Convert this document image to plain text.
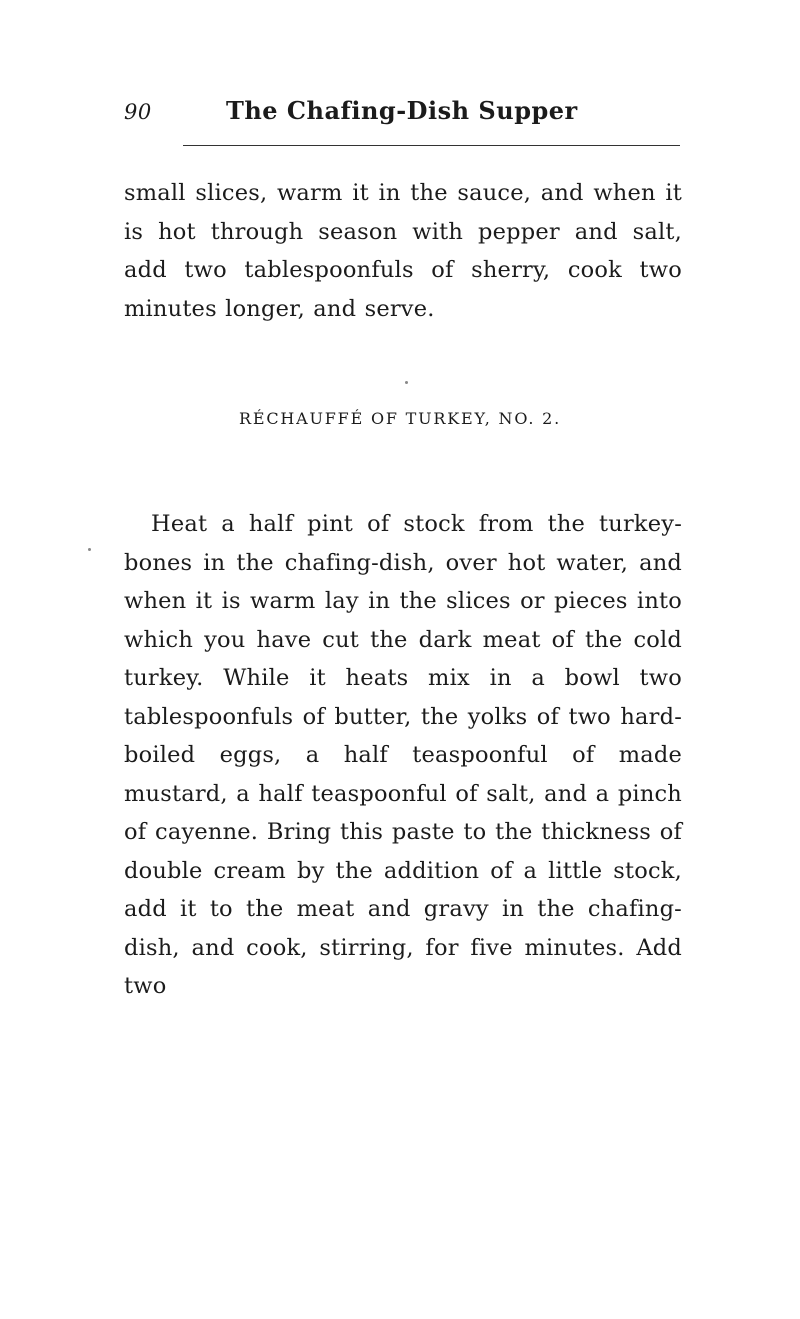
90	The Chafing-Dish Supper

small slices, warm it in the sauce, and when it is hot through season with pepper and salt, add two tablespoonfuls of sherry, cook two minutes longer, and serve.

RÉCHAUFFÉ OF TURKEY, NO. 2.

Heat a half pint of stock from the turkey-bones in the chafing-dish, over hot water, and when it is warm lay in the slices or pieces into which you have cut the dark meat of the cold turkey. While it heats mix in a bowl two tablespoonfuls of butter, the yolks of two hard-boiled eggs, a half teaspoonful of made mustard, a half teaspoonful of salt, and a pinch of cayenne. Bring this paste to the thickness of double cream by the addition of a little stock, add it to the meat and gravy in the chafing-dish, and cook, stirring, for five minutes. Add two
